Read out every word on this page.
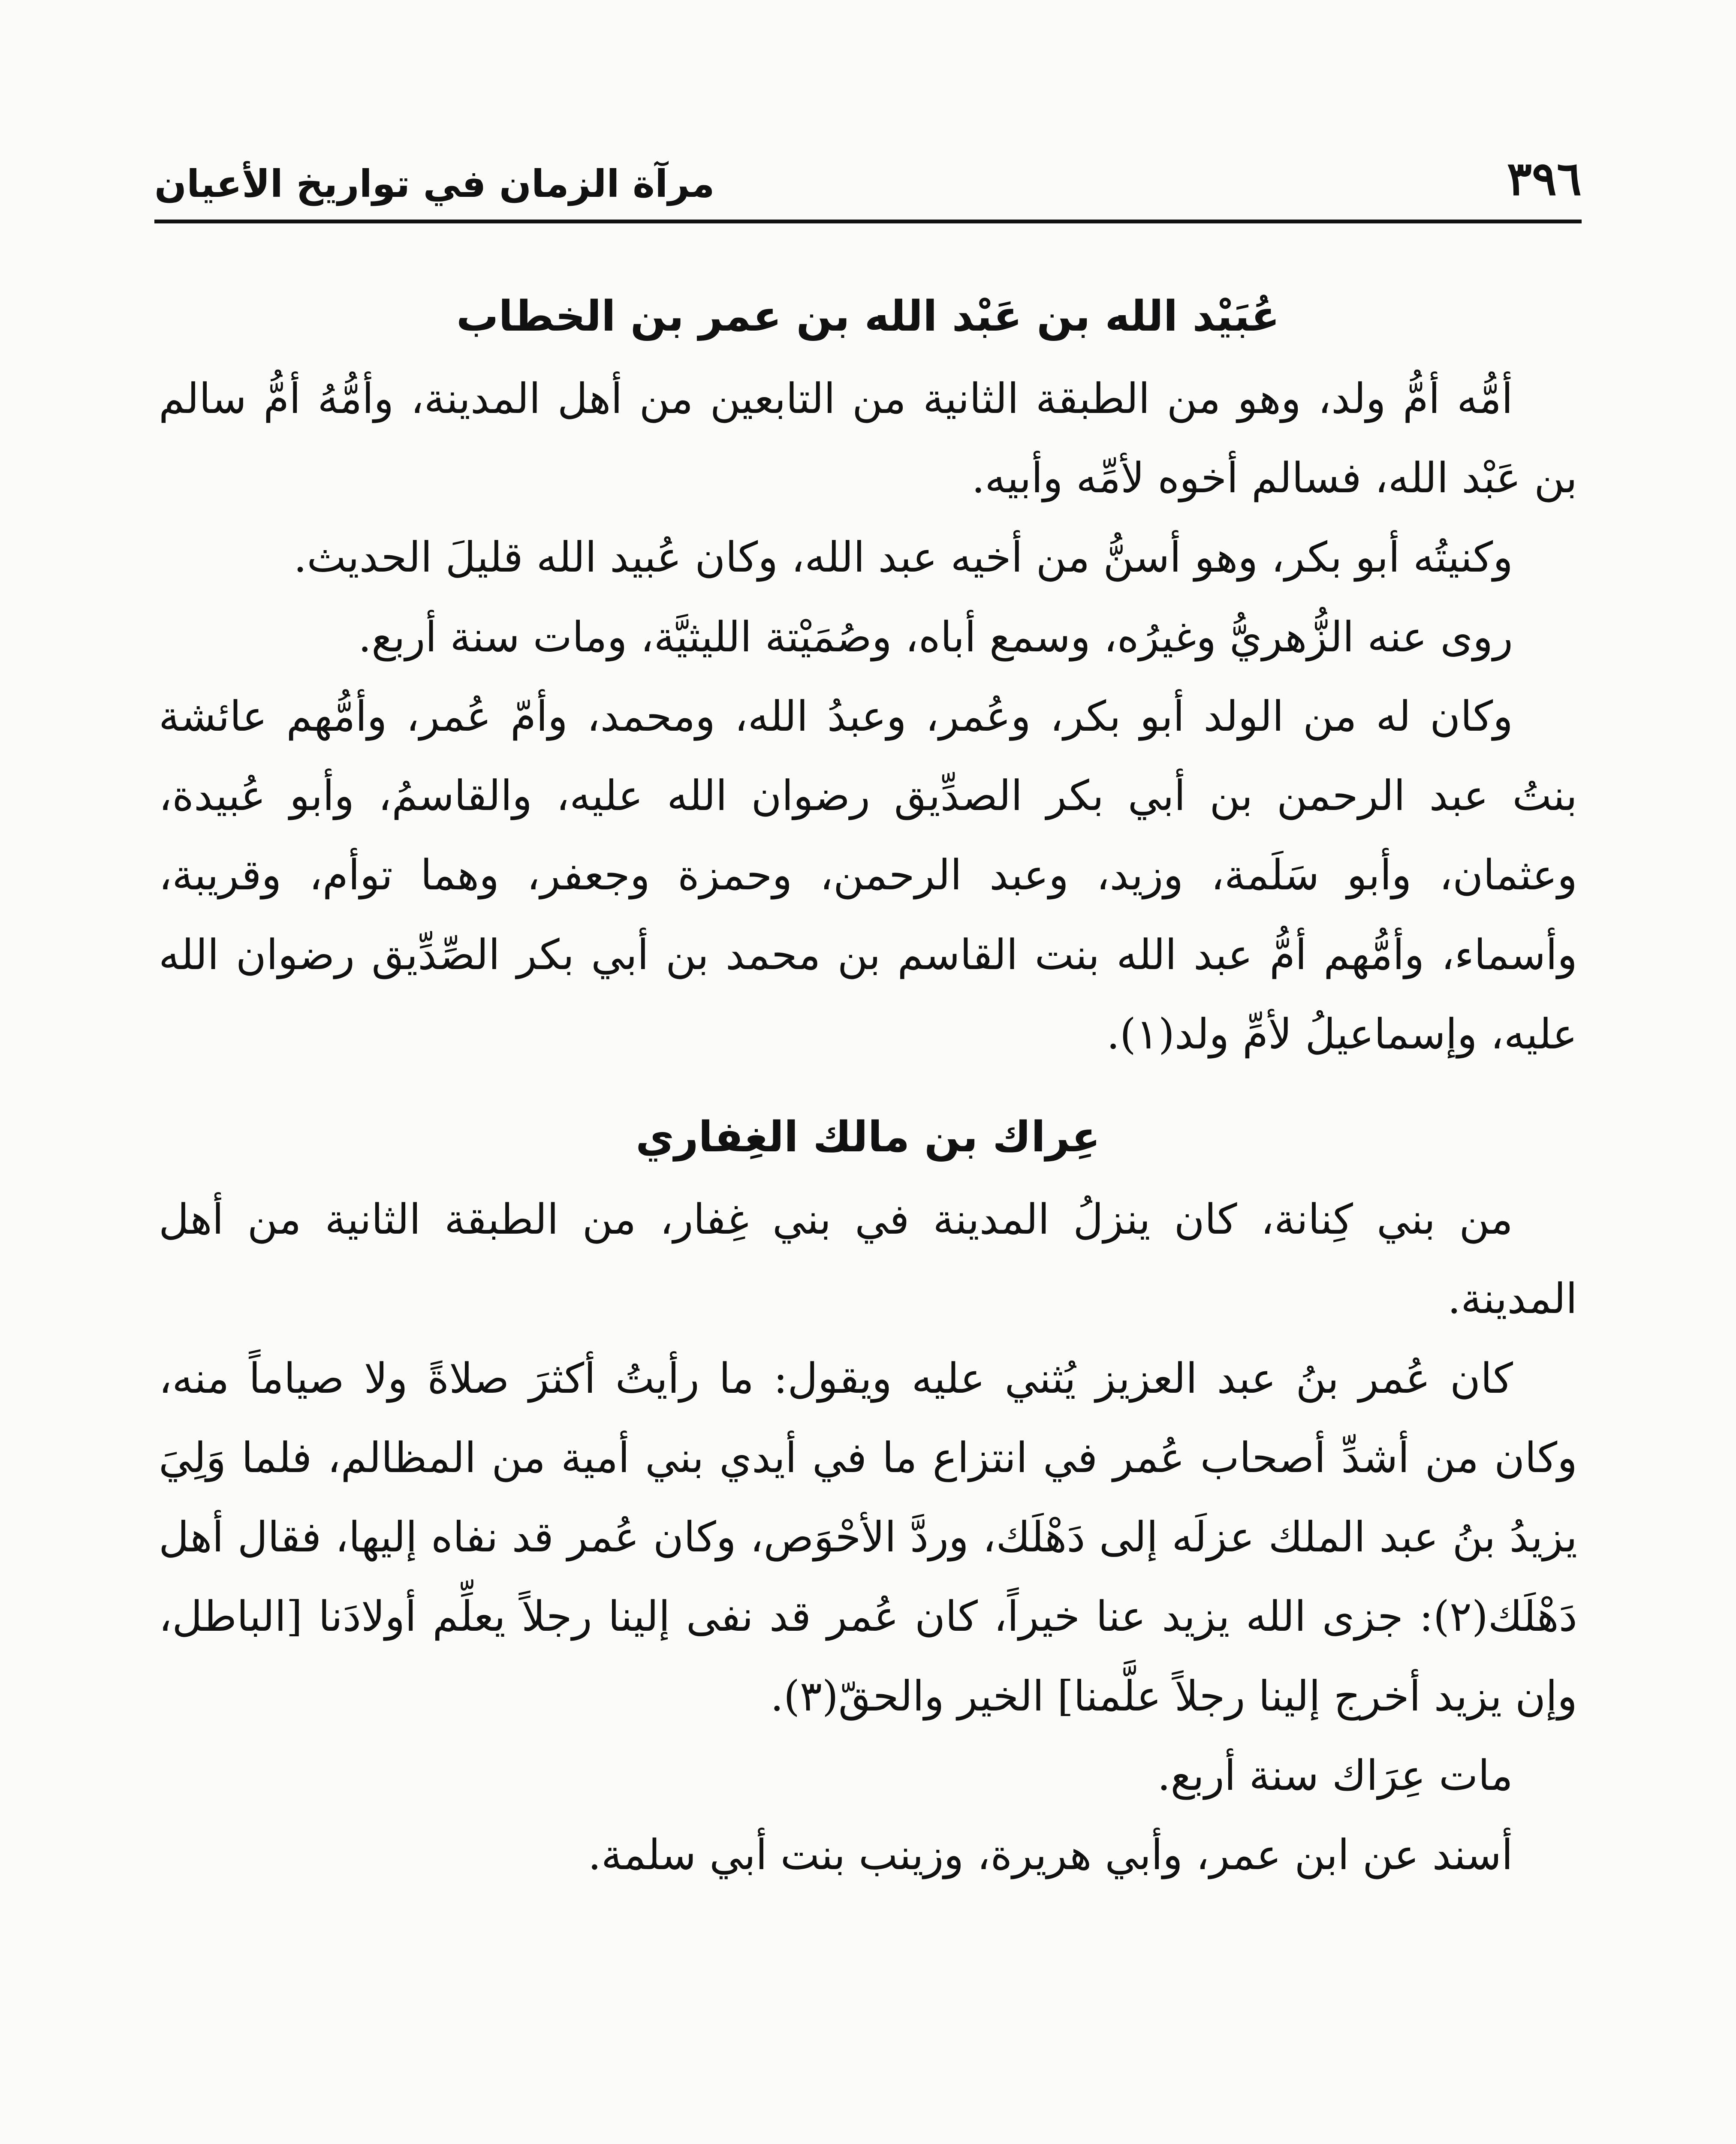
٣٩٦
مرآة الزمان في تواريخ الأعيان
عُبَيْد الله بن عَبْد الله بن عمر بن الخطاب

أمُّه أمُّ ولد، وهو من الطبقة الثانية من التابعين من أهل المدينة، وأمُّهُ أمُّ سالم بن عَبْد الله، فسالم أخوه لأمِّه وأبيه.

وكنيتُه أبو بكر، وهو أسنُّ من أخيه عبد الله، وكان عُبيد الله قليلَ الحديث.

روى عنه الزُّهريُّ وغيرُه، وسمع أباه، وصُمَيْتة الليثيَّة، ومات سنة أربع.

وكان له من الولد أبو بكر، وعُمر، وعبدُ الله، ومحمد، وأمّ عُمر، وأمُّهم عائشة بنتُ عبد الرحمن بن أبي بكر الصدِّيق رضوان الله عليه، والقاسمُ، وأبو عُبيدة، وعثمان، وأبو سَلَمة، وزيد، وعبد الرحمن، وحمزة وجعفر، وهما توأم، وقريبة، وأسماء، وأمُّهم أمُّ عبد الله بنت القاسم بن محمد بن أبي بكر الصِّدِّيق رضوان الله عليه، وإسماعيلُ لأمِّ ولد(١).

عِراك بن مالك الغِفاري

من بني كِنانة، كان ينزلُ المدينة في بني غِفار، من الطبقة الثانية من أهل المدينة.

كان عُمر بنُ عبد العزيز يُثني عليه ويقول: ما رأيتُ أكثرَ صلاةً ولا صياماً منه، وكان من أشدِّ أصحاب عُمر في انتزاع ما في أيدي بني أمية من المظالم، فلما وَلِيَ يزيدُ بنُ عبد الملك عزلَه إلى دَهْلَك، وردَّ الأحْوَص، وكان عُمر قد نفاه إليها، فقال أهل دَهْلَك(٢): جزى الله يزيد عنا خيراً، كان عُمر قد نفى إلينا رجلاً يعلِّم أولادَنا [الباطل، وإن يزيد أخرج إلينا رجلاً علَّمنا] الخير والحقّ(٣).

مات عِرَاك سنة أربع.

أسند عن ابن عمر، وأبي هريرة، وزينب بنت أبي سلمة.
